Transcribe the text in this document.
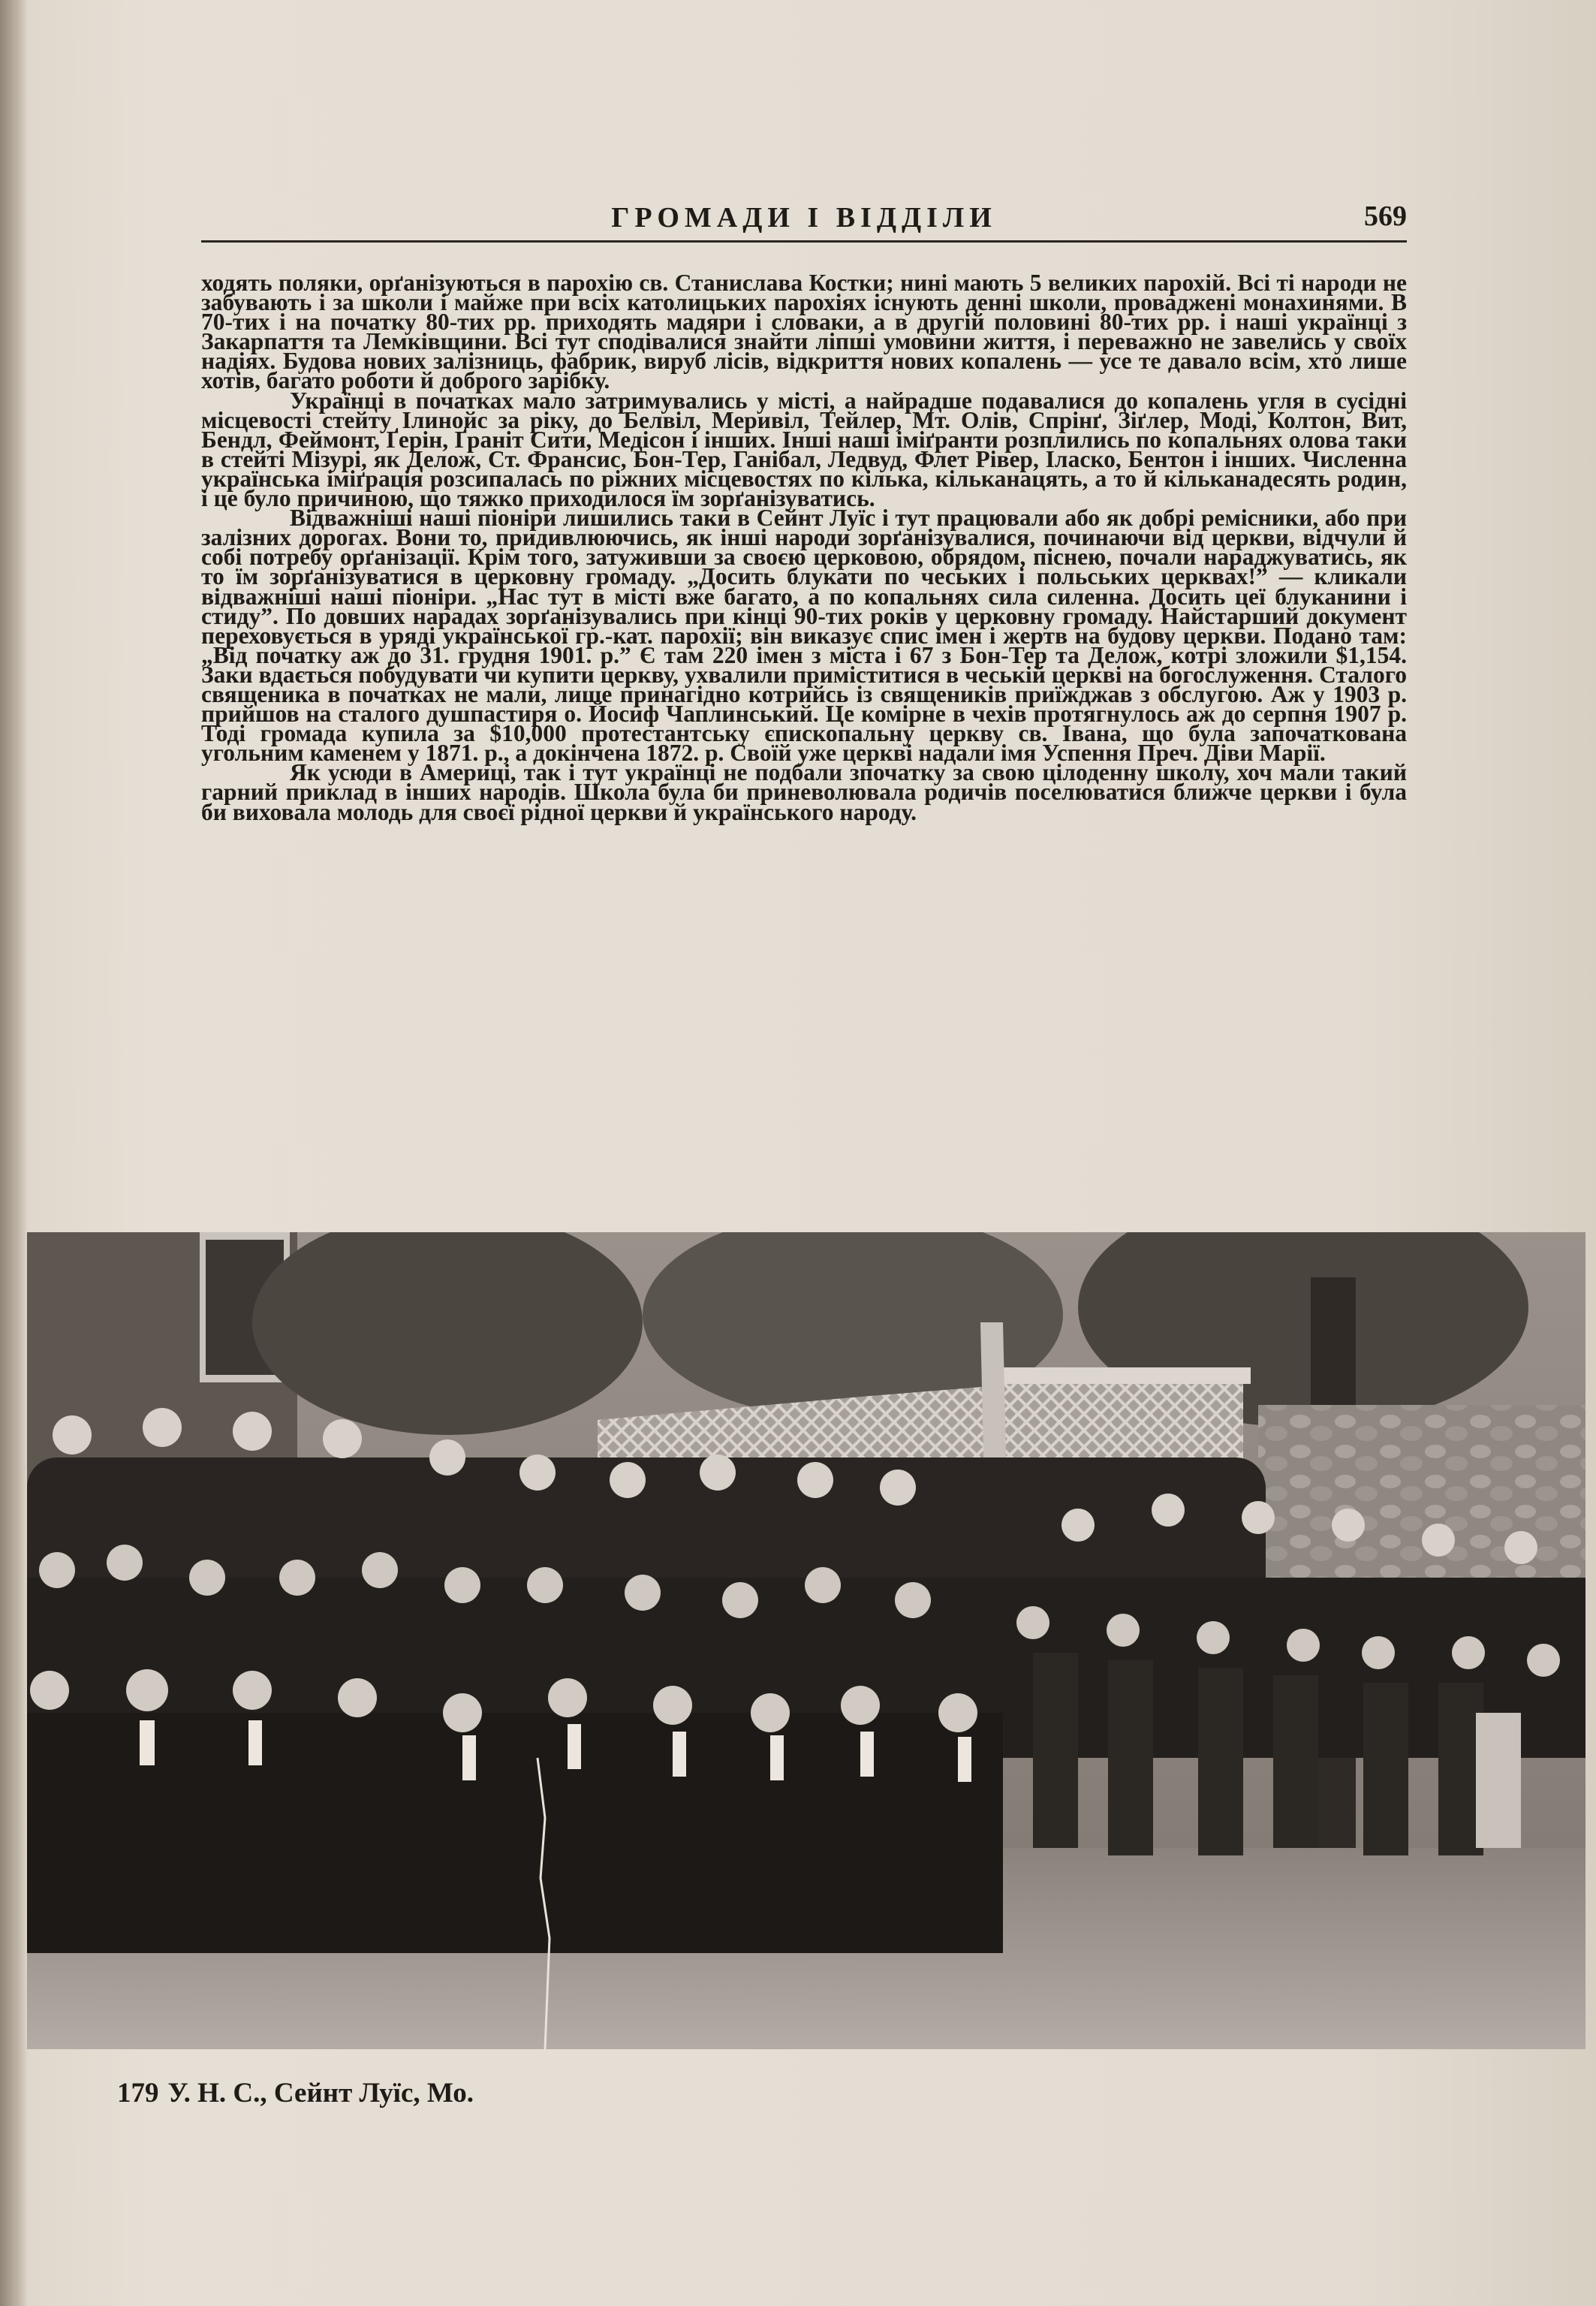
ГРОМАДИ І ВІДДІЛИ	569

ходять поляки, орґанізуються в парохію св. Станислава Костки; нині мають 5 великих парохій. Всі ті народи не забувають і за школи і майже при всіх католицьких парохіях існують денні школи, проваджені монахинями. В 70-тих і на початку 80-тих рр. приходять мадяри і словаки, а в другій половині 80-тих рр. і наші українці з Закарпаття та Лемківщини. Всі тут сподівалися знайти ліпші умовини життя, і переважно не завелись у своїх надіях. Будова нових залізниць, фабрик, вируб лісів, відкриття нових копалень — усе те давало всім, хто лише хотів, багато роботи й доброго зарібку.

Українці в початках мало затримувались у місті, а найрадше подавалися до копалень угля в сусідні місцевості стейту Ілинойс за ріку, до Белвіл, Меривіл, Тейлер, Мт. Олів, Спрінґ, Зіґлер, Моді, Колтон, Вит, Бендл, Феймонт, Ґерін, Ґраніт Сити, Медісон і інших. Інші наші іміґранти розплились по копальнях олова таки в стейті Мізурі, як Делож, Ст. Франсис, Бон-Тер, Ганібал, Ледвуд, Флет Рівер, Іласко, Бентон і інших. Численна українська іміґрація розсипалась по ріжних місцевостях по кілька, кільканацять, а то й кільканадесять родин, і це було причиною, що тяжко приходилося їм зорґанізуватись.

Відважніші наші піоніри лишились таки в Сейнт Луїс і тут працювали або як добрі ремісники, або при залізних дорогах. Вони то, придивлюючись, як інші народи зорґанізувалися, починаючи від церкви, відчули й собі потребу орґанізації. Крім того, затуживши за своєю церковою, обрядом, піснею, почали нараджуватись, як то їм зорґанізуватися в церковну громаду. „Досить блукати по чеських і польських церквах!” — кликали відважніші наші піоніри. „Нас тут в місті вже багато, а по копальнях сила силенна. Досить цеї блуканини і стиду”. По довших нарадах зорґанізувались при кінці 90-тих років у церковну громаду. Найстарший документ переховується в уряді української гр.-кат. парохії; він виказує спис імен і жертв на будову церкви. Подано там: „Від початку аж до 31. грудня 1901. р.” Є там 220 імен з міста і 67 з Бон-Тер та Делож, котрі зложили $1,154. Заки вдається побудувати чи купити церкву, ухвалили приміститися в чеській церкві на богослуження. Сталого священика в початках не мали, лише принагідно котрийсь із священиків приїжджав з обслугою. Аж у 1903 р. прийшов на сталого душпастиря о. Йосиф Чаплинський. Це комірне в чехів протягнулось аж до серпня 1907 р. Тоді громада купила за $10,000 протестантську єпископальну церкву св. Івана, що була започаткована угольним каменем у 1871. р., а докінчена 1872. р. Своїй уже церкві надали імя Успення Преч. Діви Марії.

Як усюди в Америці, так і тут українці не подбали зпочатку за свою цілоденну школу, хоч мали такий гарний приклад в інших народів. Школа була би приневолювала родичів поселюватися ближче церкви і була би виховала молодь для своєї рідної церкви й українського народу.

179 У. Н. С., Сейнт Луїс, Мо.
